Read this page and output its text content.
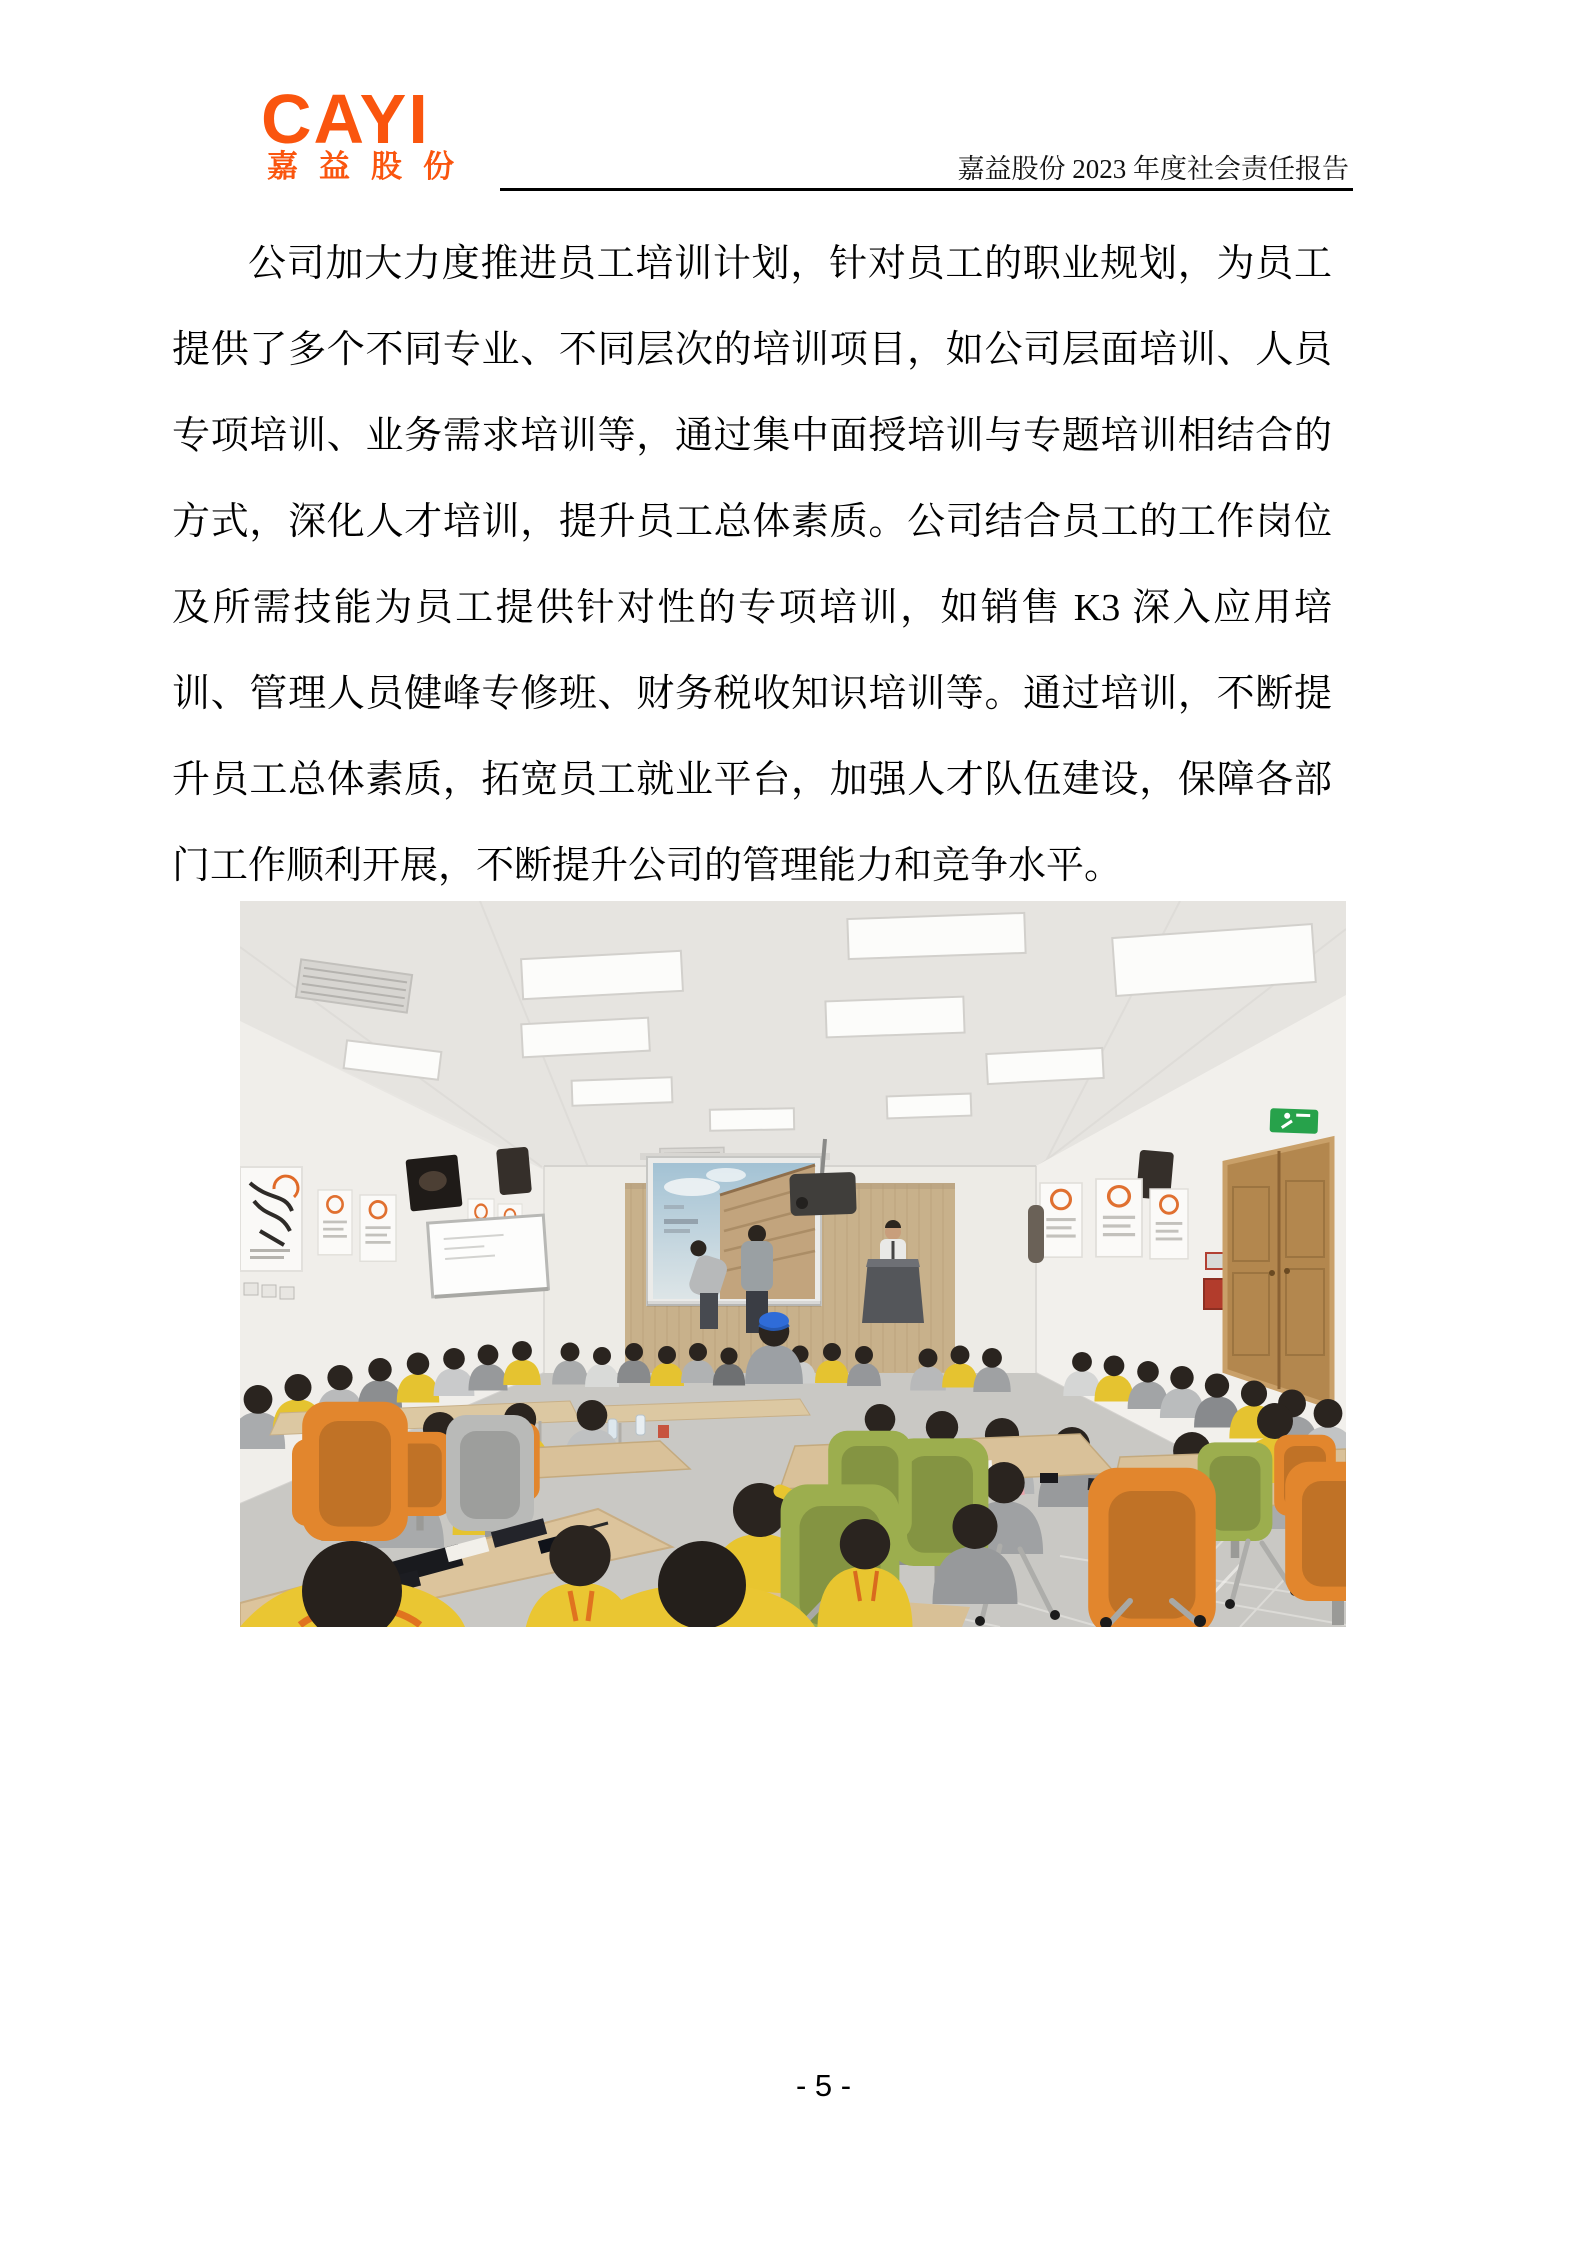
CAYI
嘉益股份	嘉益股份 2023 年度社会责任报告
公司加大力度推进员工培训计划，针对员工的职业规划，为员工提供了多个不同专业、不同层次的培训项目，如公司层面培训、人员专项培训、业务需求培训等，通过集中面授培训与专题培训相结合的方式，深化人才培训，提升员工总体素质。公司结合员工的工作岗位及所需技能为员工提供针对性的专项培训，如销售 K3 深入应用培训、管理人员健峰专修班、财务税收知识培训等。通过培训，不断提升员工总体素质，拓宽员工就业平台，加强人才队伍建设，保障各部门工作顺利开展，不断提升公司的管理能力和竞争水平。
- 5 -
